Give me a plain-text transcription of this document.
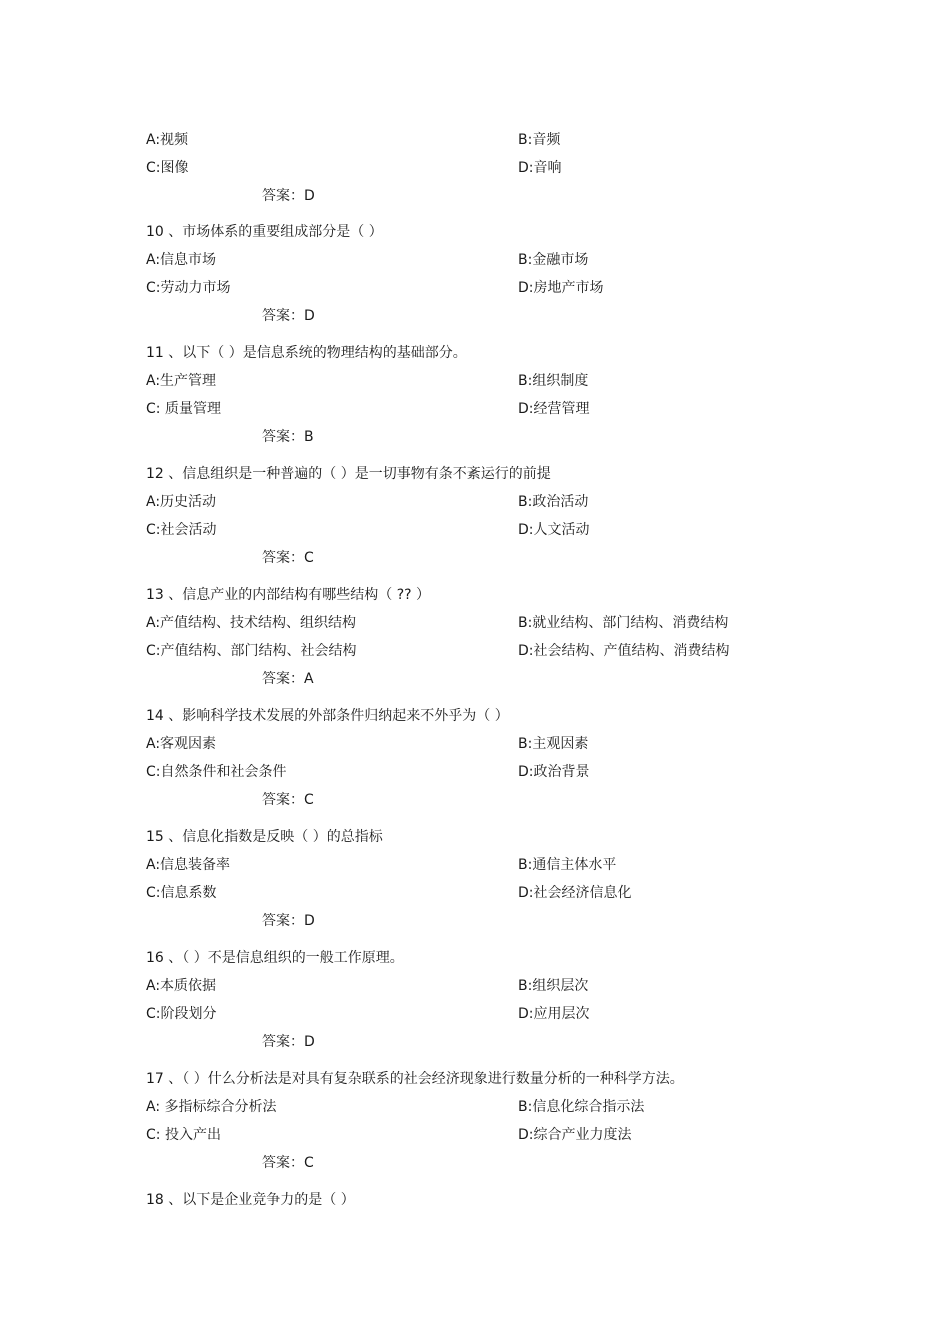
A:视频	B:音频
C:图像	D:音响
答案：D
10 、市场体系的重要组成部分是（ ）
A:信息市场	B:金融市场
C:劳动力市场	D:房地产市场
答案：D
11 、以下（ ）是信息系统的物理结构的基础部分。
A:生产管理	B:组织制度
C: 质量管理	D:经营管理
答案：B
12 、信息组织是一种普遍的（ ）是一切事物有条不紊运行的前提
A:历史活动	B:政治活动
C:社会活动	D:人文活动
答案：C
13 、信息产业的内部结构有哪些结构（ ?? ）
A:产值结构、技术结构、组织结构	B:就业结构、部门结构、消费结构
C:产值结构、部门结构、社会结构	D:社会结构、产值结构、消费结构
答案：A
14 、影响科学技术发展的外部条件归纳起来不外乎为（ ）
A:客观因素	B:主观因素
C:自然条件和社会条件	D:政治背景
答案：C
15 、信息化指数是反映（ ）的总指标
A:信息装备率	B:通信主体水平
C:信息系数	D:社会经济信息化
答案：D
16 、（ ）不是信息组织的一般工作原理。
A:本质依据	B:组织层次
C:阶段划分	D:应用层次
答案：D
17 、（ ）什么分析法是对具有复杂联系的社会经济现象进行数量分析的一种科学方法。
A: 多指标综合分析法	B:信息化综合指示法
C: 投入产出	D:综合产业力度法
答案：C
18 、以下是企业竞争力的是（ ）
